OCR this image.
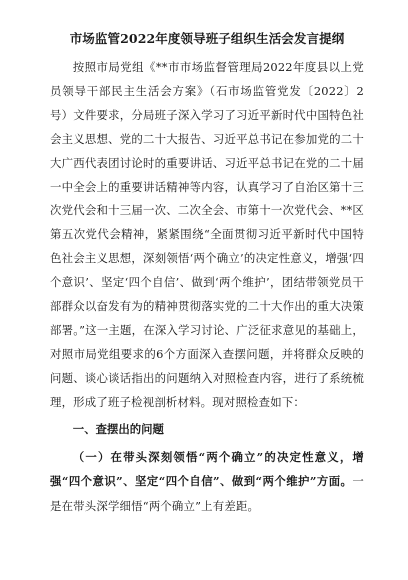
市场监管2022年度领导班子组织生活会发言提纲

按照市局党组《**市市场监督管理局2022年度县以上党员领导干部民主生活会方案》（石市场监管党发〔2022〕2号）文件要求，分局班子深入学习了习近平新时代中国特色社会主义思想、党的二十大报告、习近平总书记在参加党的二十大广西代表团讨论时的重要讲话、习近平总书记在党的二十届一中全会上的重要讲话精神等内容，认真学习了自治区第十三次党代会和十三届一次、二次全会、市第十一次党代会、**区第五次党代会精神，紧紧围绕“全面贯彻习近平新时代中国特色社会主义思想，深刻领悟‘两个确立’的决定性意义，增强‘四个意识’、坚定‘四个自信’、做到‘两个维护’，团结带领党员干部群众以奋发有为的精神贯彻落实党的二十大作出的重大决策部署。”这一主题，在深入学习讨论、广泛征求意见的基础上，对照市局党组要求的6个方面深入查摆问题，并将群众反映的问题、谈心谈话指出的问题纳入对照检查内容，进行了系统梳理，形成了班子检视剖析材料。现对照检查如下：

一、查摆出的问题

（一）在带头深刻领悟“两个确立”的决定性意义，增强“四个意识”、坚定“四个自信”、做到“两个维护”方面。一是在带头深学细悟“两个确立”上有差距。
